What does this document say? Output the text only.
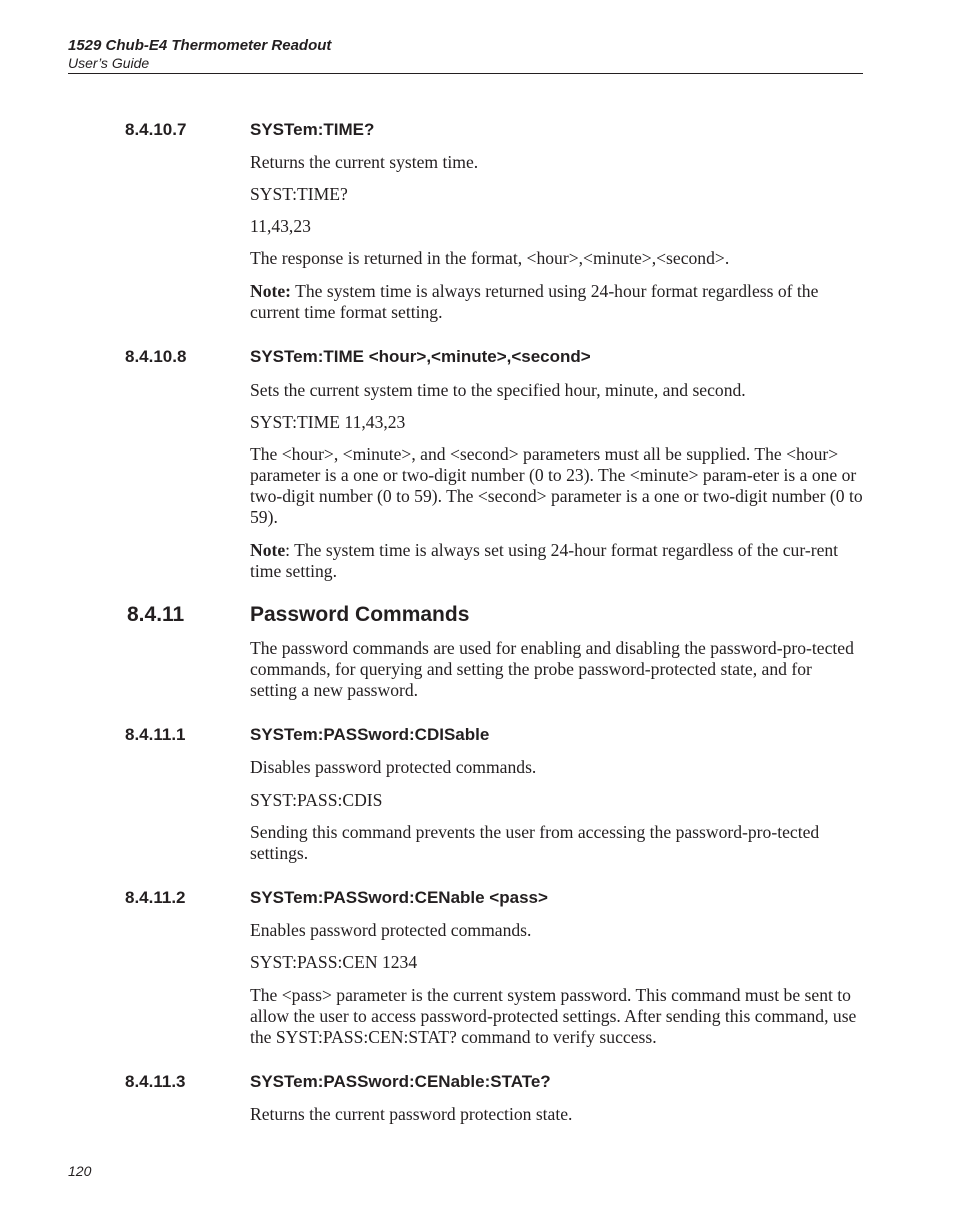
1529 Chub-E4 Thermometer Readout

User’s Guide

8.4.10.7	SYSTem:TIME?

Returns the current system time.

SYST:TIME?

11,43,23

The response is returned in the format, <hour>,<minute>,<second>.

Note: The system time is always returned using 24-hour format regardless of the current time format setting.

8.4.10.8	SYSTem:TIME <hour>,<minute>,<second>

Sets the current system time to the specified hour, minute, and second.

SYST:TIME 11,43,23

The <hour>, <minute>, and <second> parameters must all be supplied. The <hour> parameter is a one or two-digit number (0 to 23). The <minute> param-eter is a one or two-digit number (0 to 59). The <second> parameter is a one or two-digit number (0 to 59).

Note: The system time is always set using 24-hour format regardless of the cur-rent time setting.

8.4.11	Password Commands

The password commands are used for enabling and disabling the password-pro-tected commands, for querying and setting the probe password-protected state, and for setting a new password.

8.4.11.1	SYSTem:PASSword:CDISable

Disables password protected commands.

SYST:PASS:CDIS

Sending this command prevents the user from accessing the password-pro-tected settings.

8.4.11.2	SYSTem:PASSword:CENable <pass>

Enables password protected commands.

SYST:PASS:CEN 1234

The <pass> parameter is the current system password. This command must be sent to allow the user to access password-protected settings. After sending this command, use the SYST:PASS:CEN:STAT? command to verify success.

8.4.11.3	SYSTem:PASSword:CENable:STATe?

Returns the current password protection state.

120
